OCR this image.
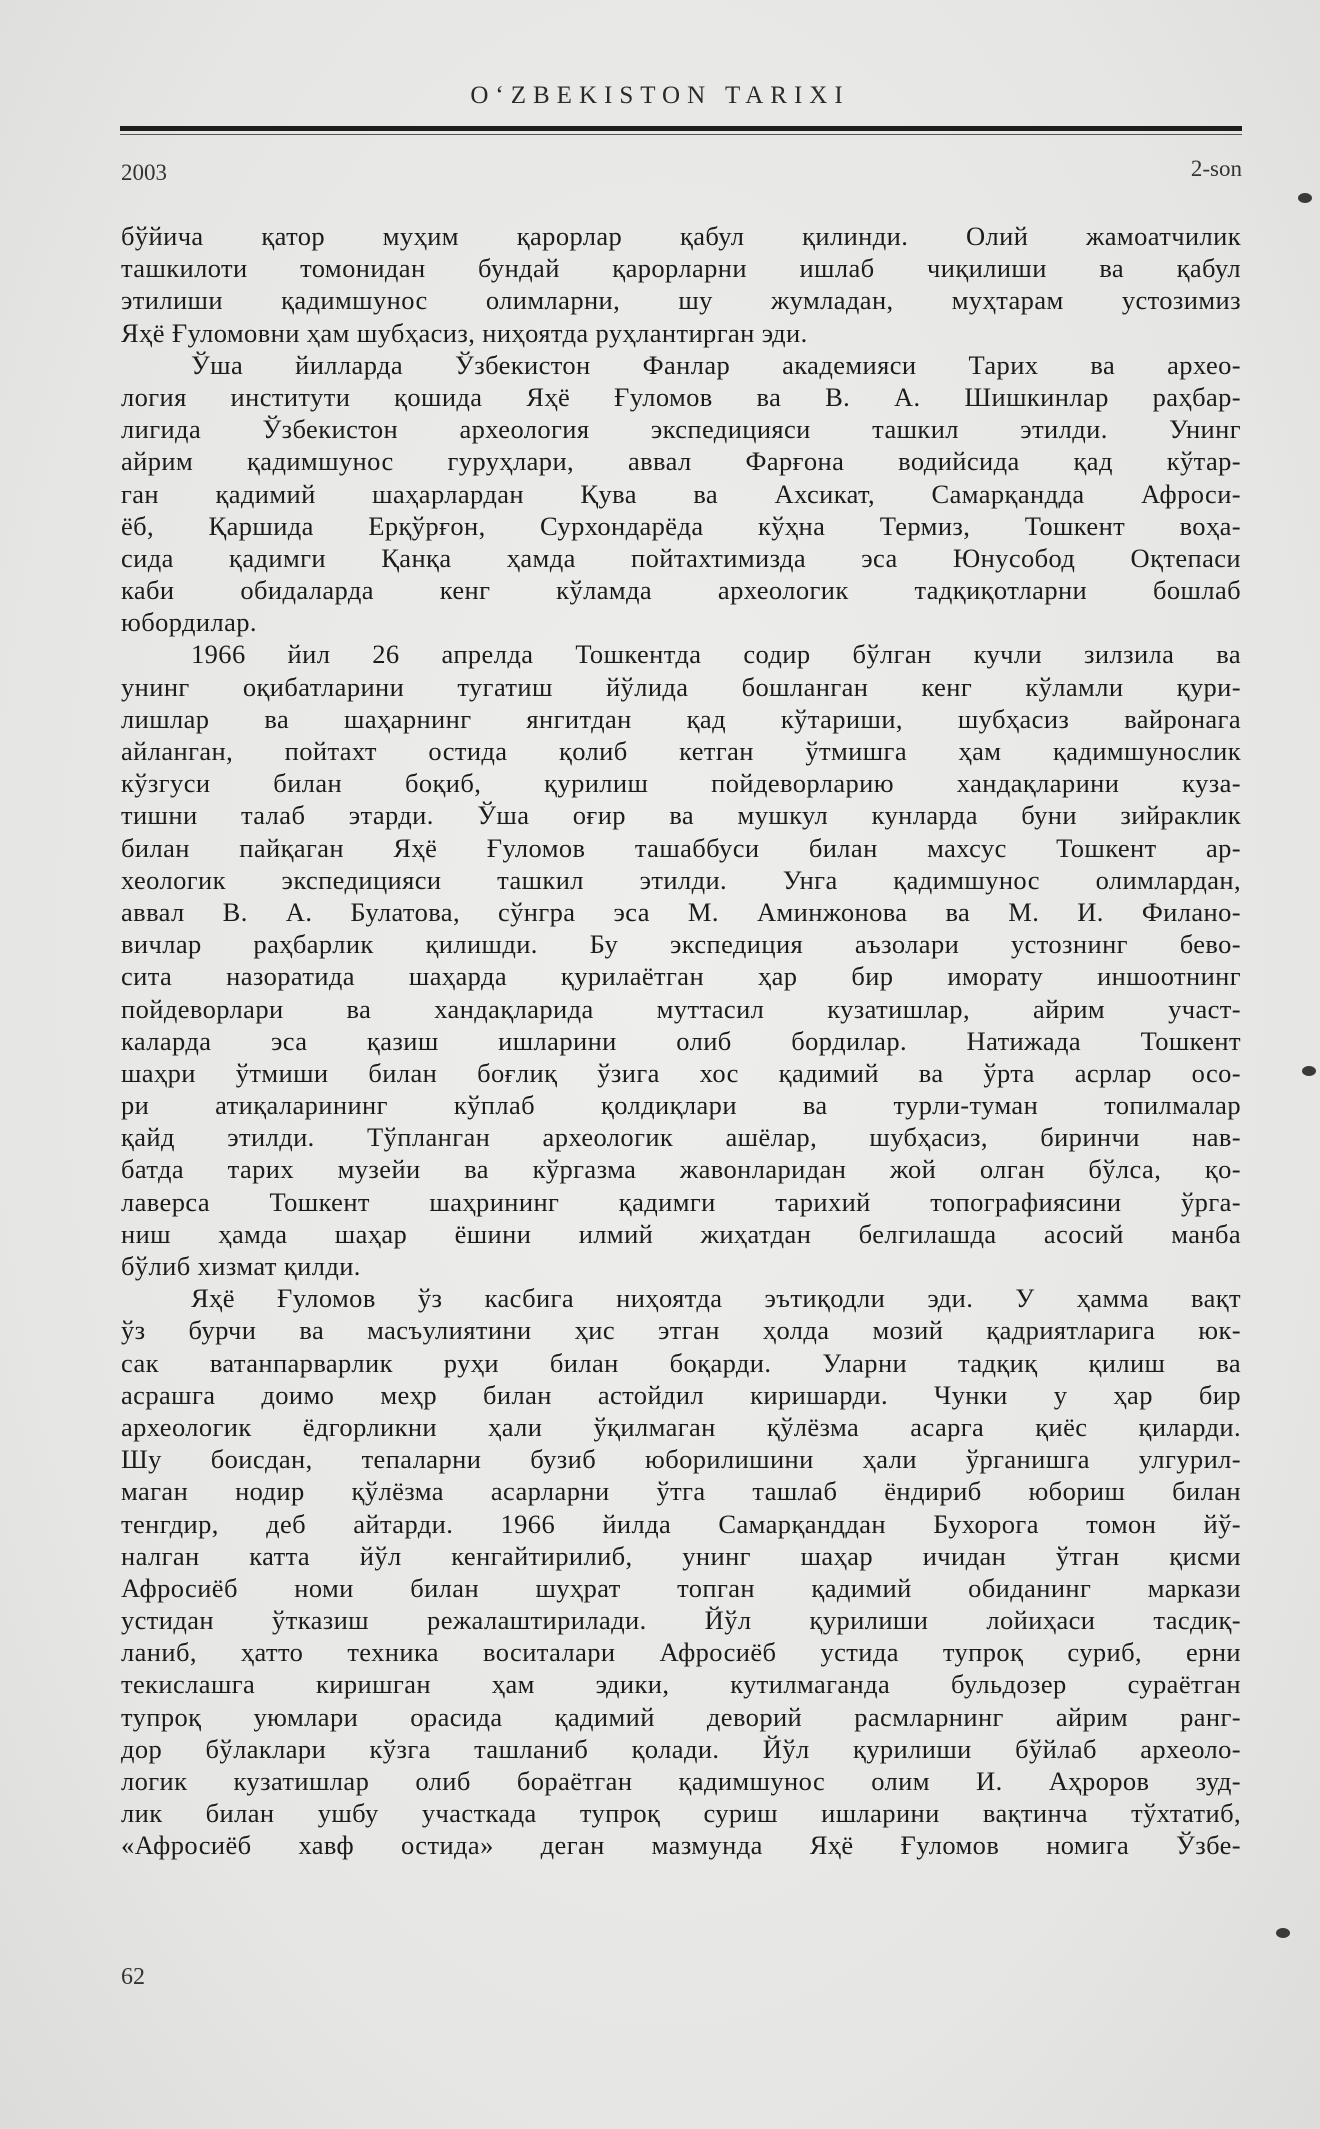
O‘ZBEKISTON TARIXI
2003	2-son
бўйича қатор муҳим қарорлар қабул қилинди. Олий жамоатчилик
ташкилоти томонидан бундай қарорларни ишлаб чиқилиши ва қабул
этилиши қадимшунос олимларни, шу жумладан, муҳтарам устозимиз
Яҳё Ғуломовни ҳам шубҳасиз, ниҳоятда руҳлантирган эди.
Ўша йилларда Ўзбекистон Фанлар академияси Тарих ва архео-
логия институти қошида Яҳё Ғуломов ва В. А. Шишкинлар раҳбар-
лигида Ўзбекистон археология экспедицияси ташкил этилди. Унинг
айрим қадимшунос гуруҳлари, аввал Фарғона водийсида қад кўтар-
ган қадимий шаҳарлардан Қува ва Ахсикат, Самарқандда Афроси-
ёб, Қаршида Ерқўрғон, Сурхондарёда кўҳна Термиз, Тошкент воҳа-
сида қадимги Қанқа ҳамда пойтахтимизда эса Юнусобод Оқтепаси
каби обидаларда кенг кўламда археологик тадқиқотларни бошлаб
юбордилар.
1966 йил 26 апрелда Тошкентда содир бўлган кучли зилзила ва
унинг оқибатларини тугатиш йўлида бошланган кенг кўламли қури-
лишлар ва шаҳарнинг янгитдан қад кўтариши, шубҳасиз вайронага
айланган, пойтахт остида қолиб кетган ўтмишга ҳам қадимшунослик
кўзгуси билан боқиб, қурилиш пойдеворларию хандақларини куза-
тишни талаб этарди. Ўша оғир ва мушкул кунларда буни зийраклик
билан пайқаган Яҳё Ғуломов ташаббуси билан махсус Тошкент ар-
хеологик экспедицияси ташкил этилди. Унга қадимшунос олимлардан,
аввал В. А. Булатова, сўнгра эса М. Аминжонова ва М. И. Филано-
вичлар раҳбарлик қилишди. Бу экспедиция аъзолари устознинг бево-
сита назоратида шаҳарда қурилаётган ҳар бир иморату иншоотнинг
пойдеворлари ва хандақларида муттасил кузатишлар, айрим участ-
каларда эса қазиш ишларини олиб бордилар. Натижада Тошкент
шаҳри ўтмиши билан боғлиқ ўзига хос қадимий ва ўрта асрлар осо-
ри атиқаларининг кўплаб қолдиқлари ва турли-туман топилмалар
қайд этилди. Тўпланган археологик ашёлар, шубҳасиз, биринчи нав-
батда тарих музейи ва кўргазма жавонларидан жой олган бўлса, қо-
лаверса Тошкент шаҳрининг қадимги тарихий топографиясини ўрга-
ниш ҳамда шаҳар ёшини илмий жиҳатдан белгилашда асосий манба
бўлиб хизмат қилди.
Яҳё Ғуломов ўз касбига ниҳоятда эътиқодли эди. У ҳамма вақт
ўз бурчи ва масъулиятини ҳис этган ҳолда мозий қадриятларига юк-
сак ватанпарварлик руҳи билан боқарди. Уларни тадқиқ қилиш ва
асрашга доимо меҳр билан астойдил киришарди. Чунки у ҳар бир
археологик ёдгорликни ҳали ўқилмаган қўлёзма асарга қиёс қиларди.
Шу боисдан, тепаларни бузиб юборилишини ҳали ўрганишга улгурил-
маган нодир қўлёзма асарларни ўтга ташлаб ёндириб юбориш билан
тенгдир, деб айтарди. 1966 йилда Самарқанддан Бухорога томон йў-
налган катта йўл кенгайтирилиб, унинг шаҳар ичидан ўтган қисми
Афросиёб номи билан шуҳрат топган қадимий обиданинг маркази
устидан ўтказиш режалаштирилади. Йўл қурилиши лойиҳаси тасдиқ-
ланиб, ҳатто техника воситалари Афросиёб устида тупроқ суриб, ерни
текислашга киришган ҳам эдики, кутилмаганда бульдозер сураётган
тупроқ уюмлари орасида қадимий деворий расмларнинг айрим ранг-
дор бўлаклари кўзга ташланиб қолади. Йўл қурилиши бўйлаб археоло-
логик кузатишлар олиб бораётган қадимшунос олим И. Аҳроров зуд-
лик билан ушбу участкада тупроқ суриш ишларини вақтинча тўхтатиб,
«Афросиёб хавф остида» деган мазмунда Яҳё Ғуломов номига Ўзбе-
62
